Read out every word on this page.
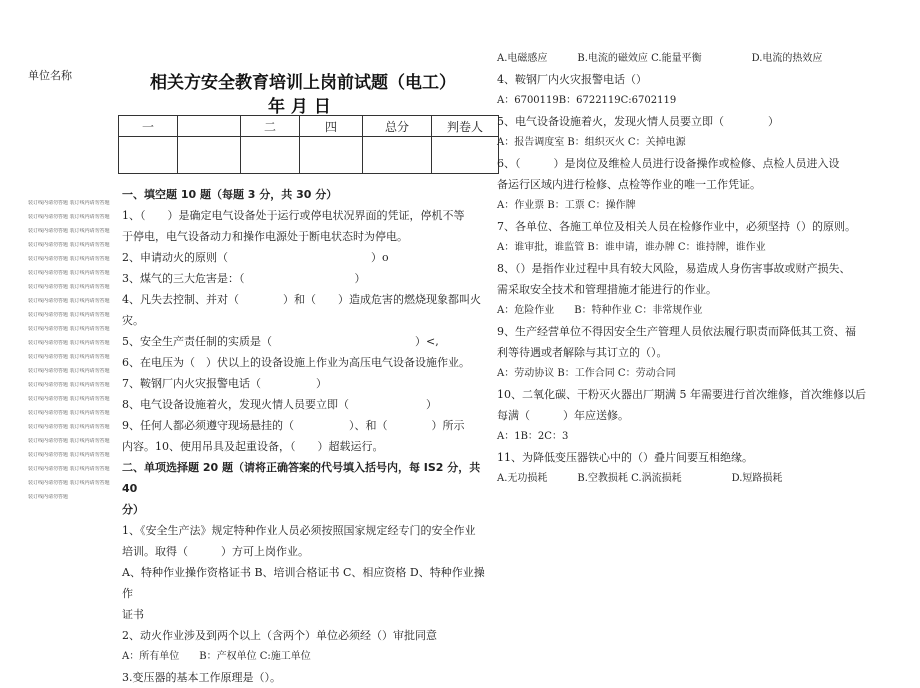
单位名称
装订线内请勿答题 装订线内请勿答题
装订线内请勿答题 装订线内请勿答题
装订线内请勿答题 装订线内请勿答题
装订线内请勿答题 装订线内请勿答题
装订线内请勿答题 装订线内请勿答题
装订线内请勿答题 装订线内请勿答题
装订线内请勿答题 装订线内请勿答题
装订线内请勿答题 装订线内请勿答题
装订线内请勿答题 装订线内请勿答题
装订线内请勿答题 装订线内请勿答题
装订线内请勿答题 装订线内请勿答题
装订线内请勿答题 装订线内请勿答题
装订线内请勿答题 装订线内请勿答题
装订线内请勿答题 装订线内请勿答题
装订线内请勿答题 装订线内请勿答题
装订线内请勿答题 装订线内请勿答题
装订线内请勿答题 装订线内请勿答题
装订线内请勿答题 装订线内请勿答题
装订线内请勿答题 装订线内请勿答题
装订线内请勿答题 装订线内请勿答题
装订线内请勿答题 装订线内请勿答题
装订线内请勿答题
相关方安全教育培训上岗前试题（电工）
年 月 日
一		二	四	总分	判卷人

一、填空题 10 题（每题 3 分，共 30 分）

1、（　　）是确定电气设备处于运行或停电状况界面的凭证，停机不等

于停电，电气设备动力和操作电源处于断电状态时为停电。

2、申请动火的原则（　　　　　　　　　　　　　）o

3、煤气的三大危害是：（　　　　　　　　　　）

4、凡失去控制、并对（　　　　）和（　　）造成危害的燃烧现象都叫火

灾。

5、安全生产责任制的实质是（　　　　　　　　　　　　　）<,

6、在电压为（　）伏以上的设备设施上作业为高压电气设备设施作业。

7、鞍钢厂内火灾报警电话（　　　　　）

8、电气设备设施着火，发现火情人员要立即（　　　　　　　）

9、任何人都必须遵守现场悬挂的（　　　　　）、和（　　　　）所示

内容。10、使用吊具及起重设备，（　　）超载运行。

二、单项选择题 20 题（请将正确答案的代号填入括号内，每 IS2 分，共 40

分）

1、《安全生产法》规定特种作业人员必须按照国家规定经专门的安全作业

培训。取得（　　　）方可上岗作业。

A、特种作业操作资格证书 B、培训合格证书 C、相应资格 D、特种作业操作

证书

2、动火作业涉及到两个以上（含两个）单位必须经（）审批同意

A：所有单位　　B：产权单位 C:施工单位

3.变压器的基本工作原理是（）。

A.电磁感应　　　B.电流的磁效应 C.能量平衡　　　　　D.电流的热效应

4、鞍钢厂内火灾报警电话（）

A：6700119B：6722119C:6702119

5、电气设备设施着火，发现火情人员要立即（　　　　）

A：报告调度室 B：组织灭火 C：关掉电源

6、（　　　）是岗位及维检人员进行设备操作或检修、点检人员进入设

备运行区域内进行检修、点检等作业的唯一工作凭证。

A：作业票 B：工票 C：操作牌

7、各单位、各施工单位及相关人员在检修作业中，必须坚持（）的原则。

A：谁审批，谁监管 B：谁申请，谁办牌 C：谁持牌，谁作业

8、（）是指作业过程中具有较大风险，易造成人身伤害事故或财产损失、

需采取安全技术和管理措施才能进行的作业。

A：危险作业　　B：特种作业 C：非常规作业

9、生产经营单位不得因安全生产管理人员依法履行职责而降低其工资、福

利等待遇或者解除与其订立的（）。

A：劳动协议 B：工作合同 C：劳动合同

10、二氧化碳、干粉灭火器出厂期满 5 年需要进行首次维修，首次维修以后

每满（　　　）年应送修。

A：1B：2C：3

11、为降低变压器铁心中的（）叠片间要互相绝缘。

A.无功损耗　　　B.空教损耗 C.涡流损耗　　　　　D.短路损耗
